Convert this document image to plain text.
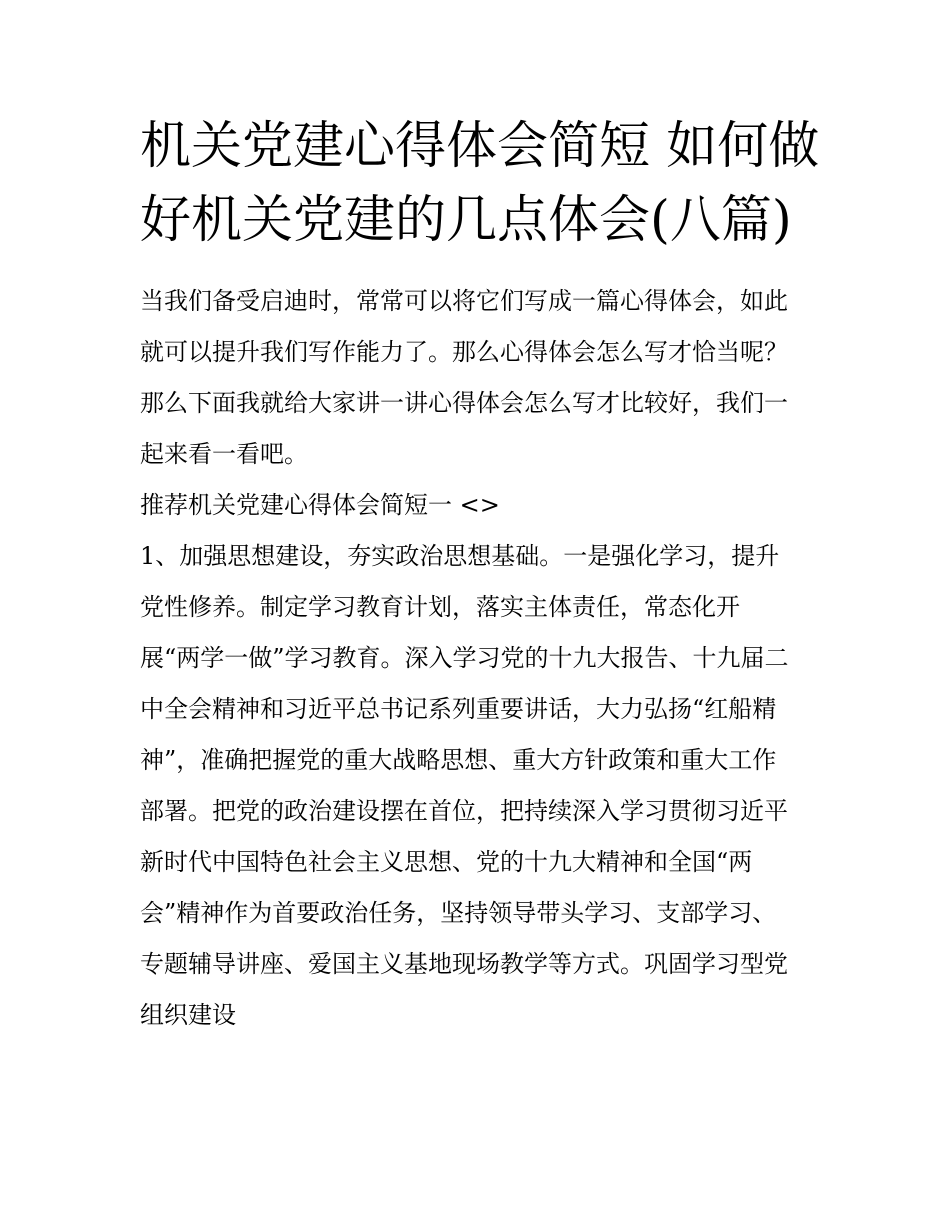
机关党建心得体会简短 如何做
好机关党建的几点体会(八篇)
当我们备受启迪时，常常可以将它们写成一篇心得体会，如此
就可以提升我们写作能力了。那么心得体会怎么写才恰当呢？
那么下面我就给大家讲一讲心得体会怎么写才比较好，我们一
起来看一看吧。
推荐机关党建心得体会简短一 <>
1、加强思想建设，夯实政治思想基础。一是强化学习，提升
党性修养。制定学习教育计划，落实主体责任，常态化开
展“两学一做”学习教育。深入学习党的十九大报告、十九届二
中全会精神和习近平总书记系列重要讲话，大力弘扬“红船精
神”，准确把握党的重大战略思想、重大方针政策和重大工作
部署。把党的政治建设摆在首位，把持续深入学习贯彻习近平
新时代中国特色社会主义思想、党的十九大精神和全国“两
会”精神作为首要政治任务，坚持领导带头学习、支部学习、
专题辅导讲座、爱国主义基地现场教学等方式。巩固学习型党
组织建设
